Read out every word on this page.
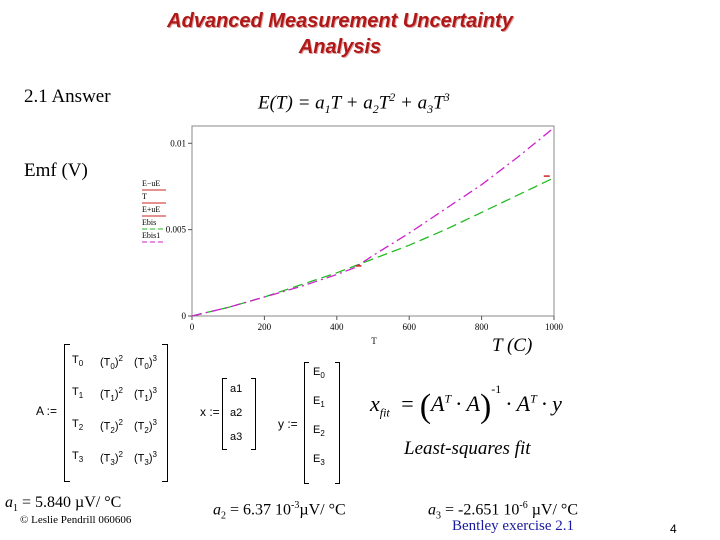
Advanced Measurement Uncertainty
Analysis
2.1 Answer	$E(T) = a_1T + a_2T^2 + a_3T^3$
Emf (V)
0	200	400	600	800	1000
0
0.005
0.01
T
E−uE
T
E+uE
Ebis
Ebis1
T (C)
A :=
$T_0$ $(T_0)^2$ $(T_0)^3$
$T_1$ $(T_1)^2$ $(T_1)^3$
$T_2$ $(T_2)^2$ $(T_2)^3$
$T_3$ $(T_3)^2$ $(T_3)^3$
x :=
a1
a2
a3
y :=
$E_0$
$E_1$
$E_2$
$E_3$
$x_{fit} = (A^T \cdot A)^{-1}\cdot A^T \cdot y$
Least-squares fit
$a_1 = 5.840$ µV/ °C
© Leslie Pendrill 060606
$a_2 = 6.37$ $10^{-3}\mu V/$ °C	$a_3 = -2.651$ $10^{-6}$ µV/ °C
Bentley exercise 2.1	4
